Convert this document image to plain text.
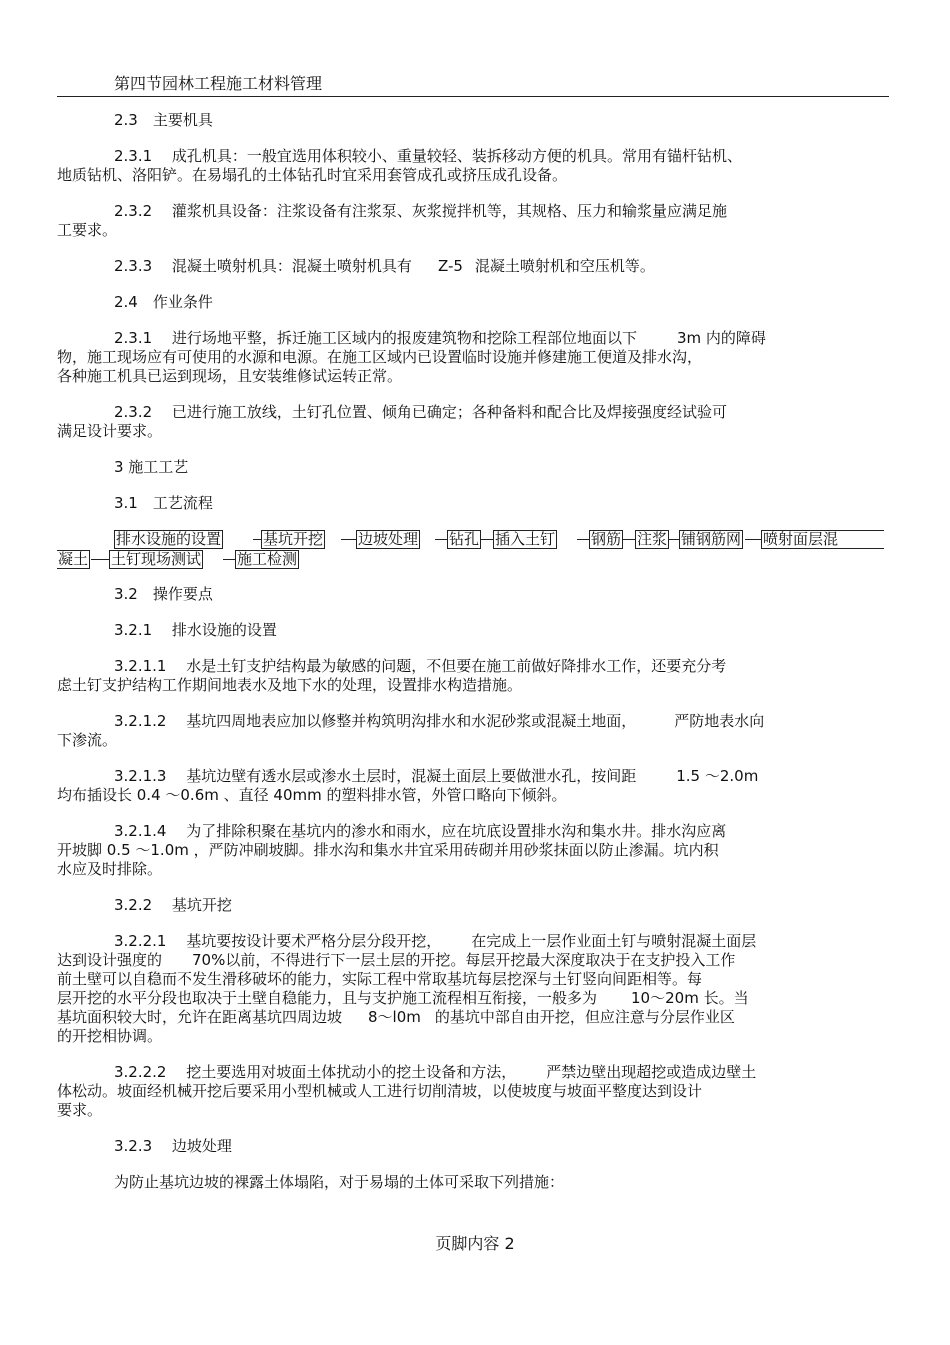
第四节园林工程施工材料管理

2.3　主要机具

2.3.1　 成孔机具：一般宜选用体积较小、重量较轻、装拆移动方便的机具。常用有锚杆钻机、
地质钻机、洛阳铲。在易塌孔的土体钻孔时宜采用套管成孔或挤压成孔设备。

2.3.2　 灌浆机具设备：注浆设备有注浆泵、灰浆搅拌机等，其规格、压力和输浆量应满足施
工要求。

2.3.3　 混凝土喷射机具：混凝土喷射机具有 Z-5 混凝土喷射机和空压机等。

2.4　作业条件

2.3.1　 进行场地平整，拆迁施工区域内的报废建筑物和挖除工程部位地面以下	3m 内的障碍
物，施工现场应有可使用的水源和电源。在施工区域内已设置临时设施并修建施工便道及排水沟，
各种施工机具已运到现场，且安装维修试运转正常。

2.3.2　 已进行施工放线，土钉孔位置、倾角已确定；各种备料和配合比及焊接强度经试验可
满足设计要求。

3 施工工艺

3.1　工艺流程

排水设施的设置	基坑开挖 边坡处理 钻孔 插入土钉 钢筋 注浆 铺钢筋网 喷射面层混
凝土 土钉现场测试 施工检测

3.2　操作要点

3.2.1　 排水设施的设置

3.2.1.1　 水是土钉支护结构最为敏感的问题，不但要在施工前做好降排水工作，还要充分考
虑土钉支护结构工作期间地表水及地下水的处理，设置排水构造措施。

3.2.1.2　 基坑四周地表应加以修整并构筑明沟排水和水泥砂浆或混凝土地面，	严防地表水向
下渗流。

3.2.1.3　 基坑边壁有透水层或渗水土层时，混凝土面层上要做泄水孔，按间距	1.5 ～2.0m
均布插设长 0.4 ～0.6m 、直径 40mm 的塑料排水管，外管口略向下倾斜。

3.2.1.4　 为了排除积聚在基坑内的渗水和雨水，应在坑底设置排水沟和集水井。排水沟应离
开坡脚 0.5 ～1.0m ，严防冲刷坡脚。排水沟和集水井宜采用砖砌并用砂浆抹面以防止渗漏。坑内积
水应及时排除。

3.2.2　 基坑开挖

3.2.2.1　 基坑要按设计要术严格分层分段开挖， 在完成上一层作业面土钉与喷射混凝土面层
达到设计强度的 70%以前，不得进行下一层土层的开挖。每层开挖最大深度取决于在支护投入工作
前土壁可以自稳而不发生滑移破坏的能力，实际工程中常取基坑每层挖深与土钉竖向间距相等。每
层开挖的水平分段也取决于土壁自稳能力，且与支护施工流程相互衔接，一般多为 10～20m 长。当
基坑面积较大时，允许在距离基坑四周边坡 8～l0m 的基坑中部自由开挖，但应注意与分层作业区
的开挖相协调。

3.2.2.2　 挖土要选用对坡面土体扰动小的挖土设备和方法， 严禁边壁出现超挖或造成边壁土
体松动。坡面经机械开挖后要采用小型机械或人工进行切削清坡，以使坡度与坡面平整度达到设计
要求。

3.2.3　 边坡处理

为防止基坑边坡的裸露土体塌陷，对于易塌的土体可采取下列措施：

页脚内容 2
